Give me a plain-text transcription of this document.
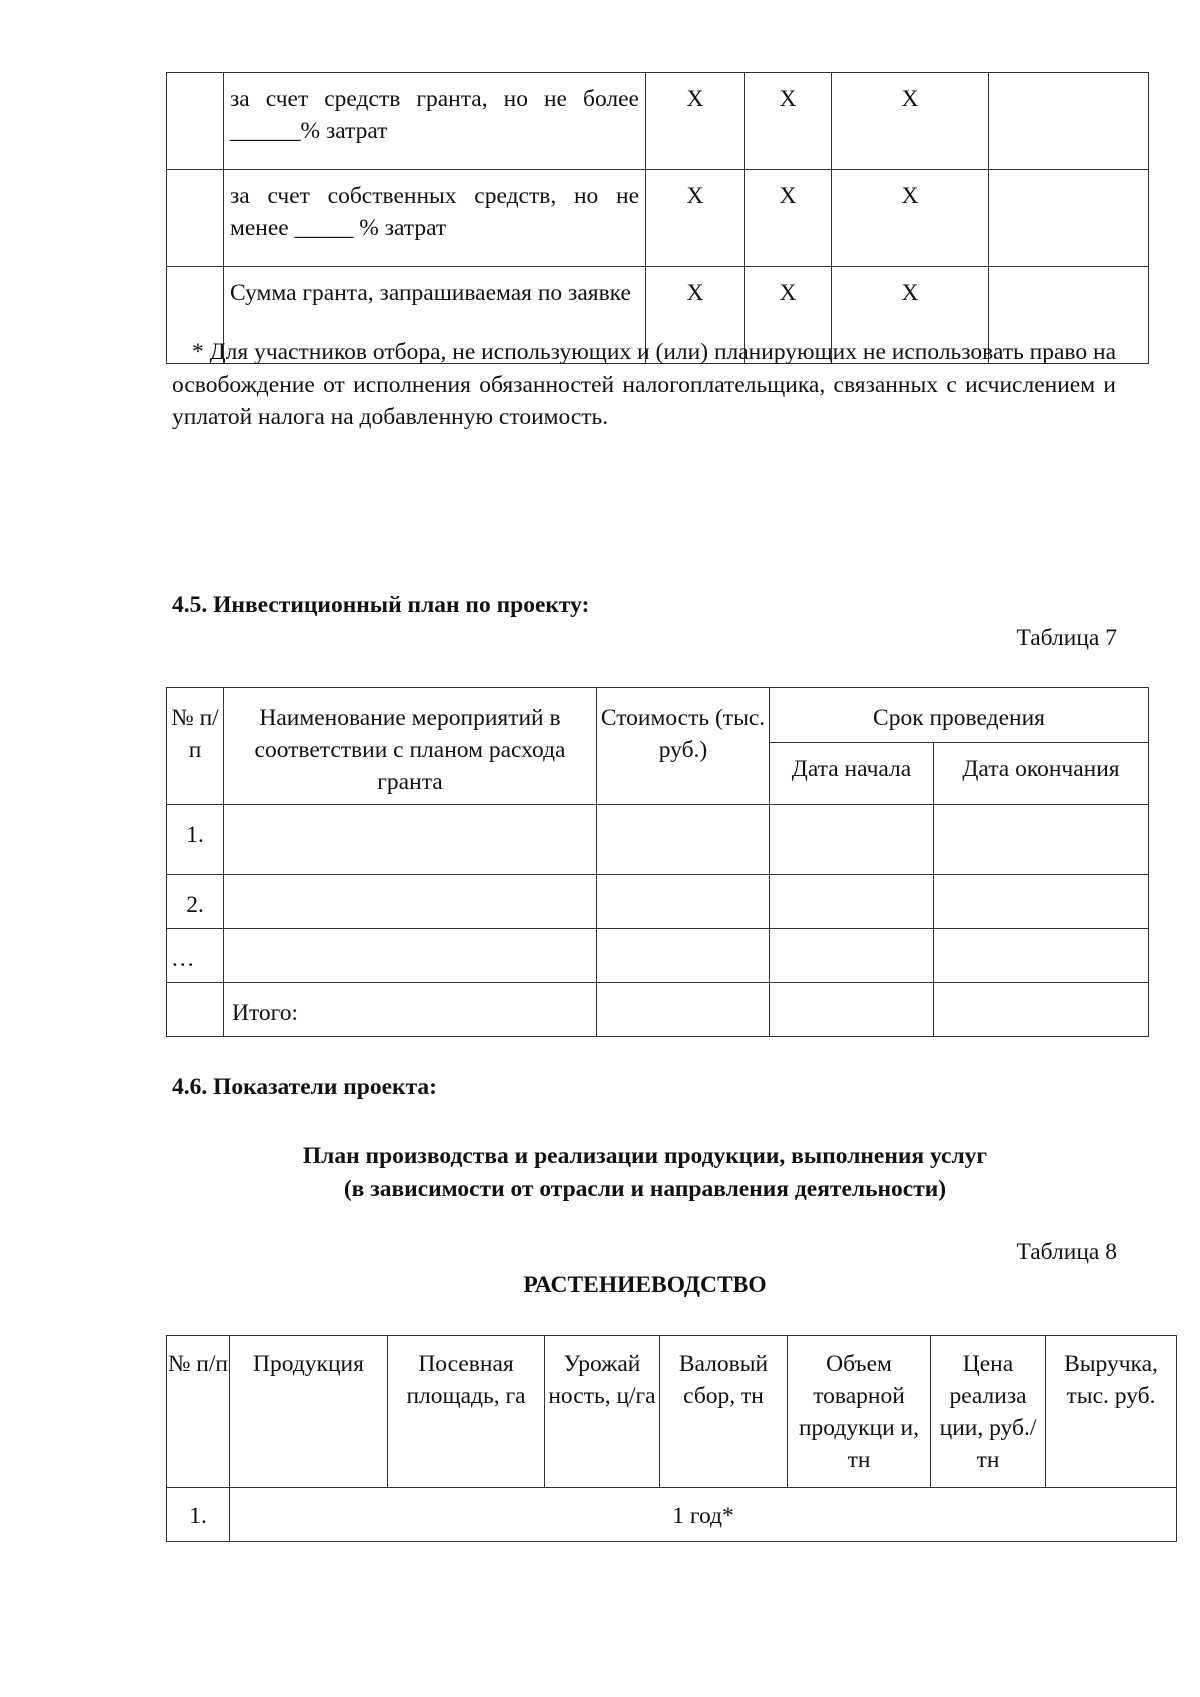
	за счет средств гранта, но не более ______% затрат	X	X	X	
	за счет собственных средств, но не менее _____ % затрат	X	X	X	
	Сумма гранта, запрашиваемая по заявке	X	X	X	
* Для участников отбора, не использующих и (или) планирующих не использовать право на освобождение от исполнения обязанностей налогоплательщика, связанных с исчислением и уплатой налога на добавленную стоимость.
4.5. Инвестиционный план по проекту:
Таблица 7
№ п/п	Наименование мероприятий в соответствии с планом расхода гранта	Стоимость (тыс. руб.)	Срок проведения	
			Дата начала	Дата окончания
1.				
2.				
…				
	Итого:			
4.6. Показатели проекта:
План производства и реализации продукции, выполнения услуг
(в зависимости от отрасли и направления деятельности)
Таблица 8
РАСТЕНИЕВОДСТВО
№ п/п	Продукция	Посевная площадь, га	Урожай ность, ц/га	Валовый сбор, тн	Объем товарной продукци и, тн	Цена реализа ции, руб./тн	Выручка, тыс. руб.
1.	1 год*						
